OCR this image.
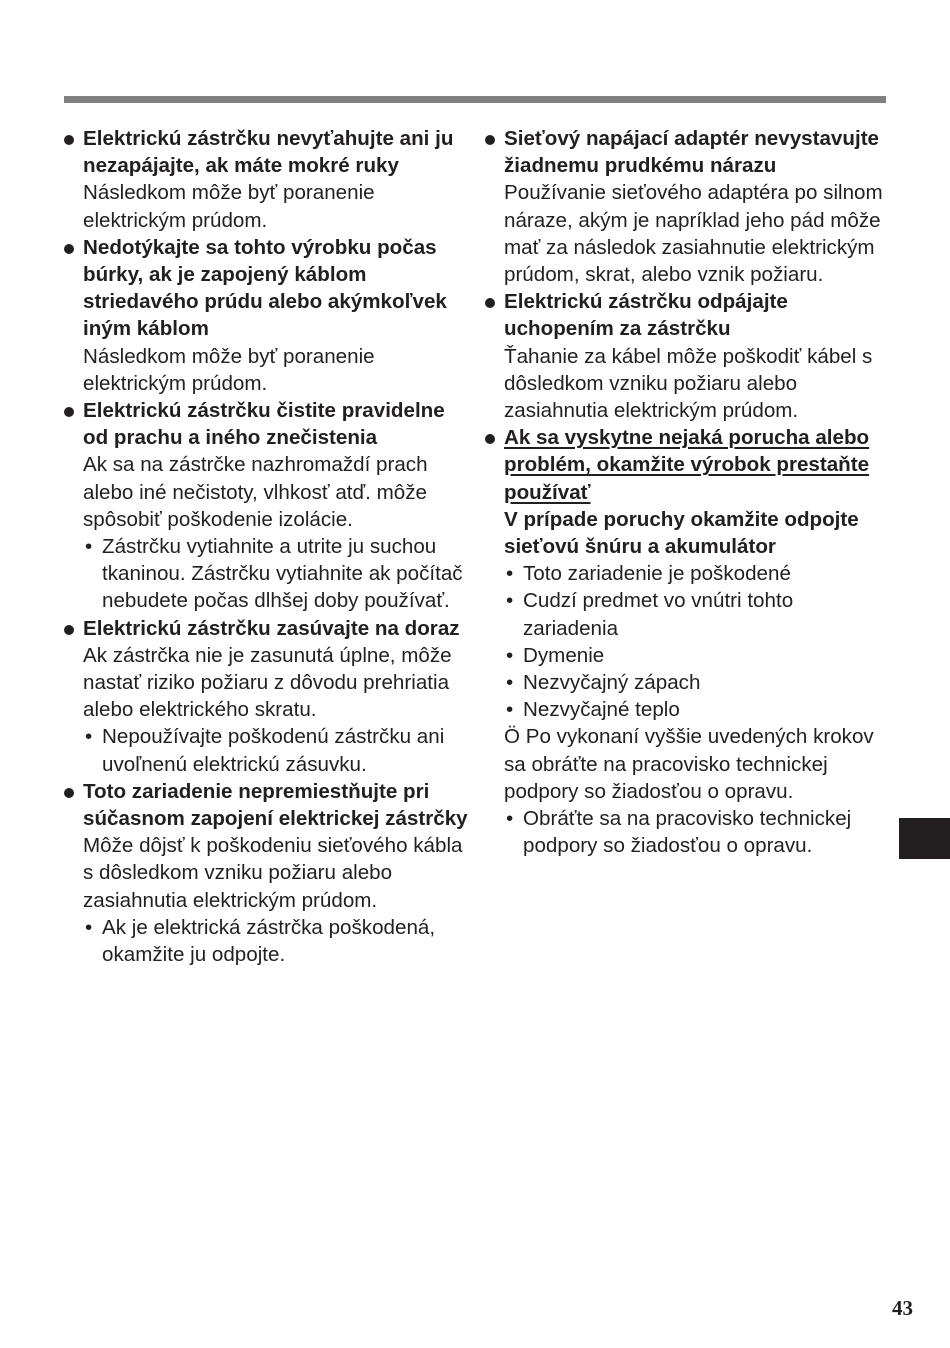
Elektrickú zástrčku nevyťahujte ani ju nezapájajte, ak máte mokré ruky
Následkom môže byť poranenie elektrickým prúdom.
Nedotýkajte sa tohto výrobku počas búrky, ak je zapojený káblom striedavého prúdu alebo akýmkoľvek iným káblom
Následkom môže byť poranenie elektrickým prúdom.
Elektrickú zástrčku čistite pravidelne od prachu a iného znečistenia
Ak sa na zástrčke nazhromaždí prach alebo iné nečistoty, vlhkosť atď. môže spôsobiť poškodenie izolácie.
• Zástrčku vytiahnite a utrite ju suchou tkaninou. Zástrčku vytiahnite ak počítač nebudete počas dlhšej doby používať.
Elektrickú zástrčku zasúvajte na doraz
Ak zástrčka nie je zasunutá úplne, môže nastať riziko požiaru z dôvodu prehriatia alebo elektrického skratu.
• Nepoužívajte poškodenú zástrčku ani uvoľnenú elektrickú zásuvku.
Toto zariadenie nepremiestňujte pri súčasnom zapojení elektrickej zástrčky
Môže dôjsť k poškodeniu sieťového kábla s dôsledkom vzniku požiaru alebo zasiahnutia elektrickým prúdom.
• Ak je elektrická zástrčka poškodená, okamžite ju odpojte.
Sieťový napájací adaptér nevystavujte žiadnemu prudkému nárazu
Používanie sieťového adaptéra po silnom náraze, akým je napríklad jeho pád môže mať za následok zasiahnutie elektrickým prúdom, skrat, alebo vznik požiaru.
Elektrickú zástrčku odpájajte uchopením za zástrčku
Ťahanie za kábel môže poškodiť kábel s dôsledkom vzniku požiaru alebo zasiahnutia elektrickým prúdom.
Ak sa vyskytne nejaká porucha alebo problém, okamžite výrobok prestaňte používať
V prípade poruchy okamžite odpojte sieťovú šnúru a akumulátor
• Toto zariadenie je poškodené
• Cudzí predmet vo vnútri tohto zariadenia
• Dymenie
• Nezvyčajný zápach
• Nezvyčajné teplo
Ö Po vykonaní vyššie uvedených krokov sa obráťte na pracovisko technickej podpory so žiadosťou o opravu.
• Obráťte sa na pracovisko technickej podpory so žiadosťou o opravu.
43
